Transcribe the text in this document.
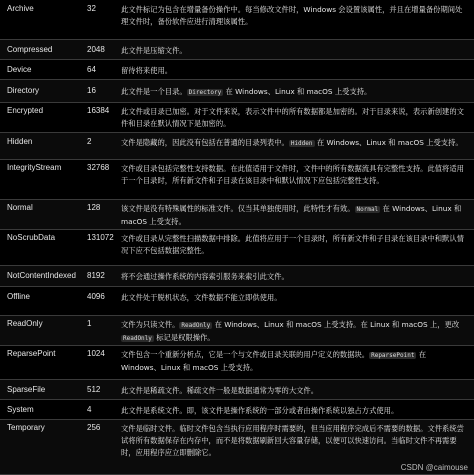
Archive	32	此文件标记为包含在增量备份操作中。每当修改文件时，Windows 会设置该属性，并且在增量备份期间处理文件时，备份软件应进行清理该属性。
Compressed	2048 此文件是压缩文件。
Device	64	留待将来使用。
Directory	16	此文件是一个目录。 Directory 在 Windows、Linux 和 macOS 上受支持。
Encrypted	16384 此文件或目录已加密。对于文件来说，表示文件中的所有数据都是加密的。对于目录来说，表示新创建的文件和目录在默认情况下是加密的。
Hidden	2	文件是隐藏的，因此没有包括在普通的目录列表中。 Hidden 在 Windows、Linux 和 macOS 上受支持。
IntegrityStream	32768 文件或目录包括完整性支持数据。在此值适用于文件时，文件中的所有数据流具有完整性支持。此值将适用于一个目录时，所有新文件和子目录在该目录中和默认情况下应包括完整性支持。
Normal	128	该文件是没有特殊属性的标准文件。仅当其单独使用时，此特性才有效。 Normal 在 Windows、Linux 和 macOS 上受支持。
NoScrubData	131072 文件或目录从完整性扫描数据中排除。此值将应用于一个目录时，所有新文件和子目录在该目录中和默认情况下应不包括数据完整性。
NotContentIndexed 8192 将不会通过操作系统的内容索引服务来索引此文件。
Offline	4096 此文件处于脱机状态，文件数据不能立即供使用。
ReadOnly	1	文件为只读文件。 ReadOnly 在 Windows、Linux 和 macOS 上受支持。在 Linux 和 macOS 上，更改 ReadOnly 标记是权限操作。
ReparsePoint	1024 文件包含一个重新分析点，它是一个与文件或目录关联的用户定义的数据块。 ReparsePoint 在 Windows、Linux 和 macOS 上受支持。
SparseFile	512	此文件是稀疏文件。稀疏文件一般是数据通常为零的大文件。
System	4	此文件是系统文件。即，该文件是操作系统的一部分或者由操作系统以独占方式使用。
Temporary	256	文件是临时文件。临时文件包含当执行应用程序时需要的，但当应用程序完成后不需要的数据。文件系统尝试将所有数据保存在内存中，而不是将数据刷新回大容量存储，以便可以快速访问。当临时文件不再需要时，应用程序应立即删除它。
CSDN @caimouse
